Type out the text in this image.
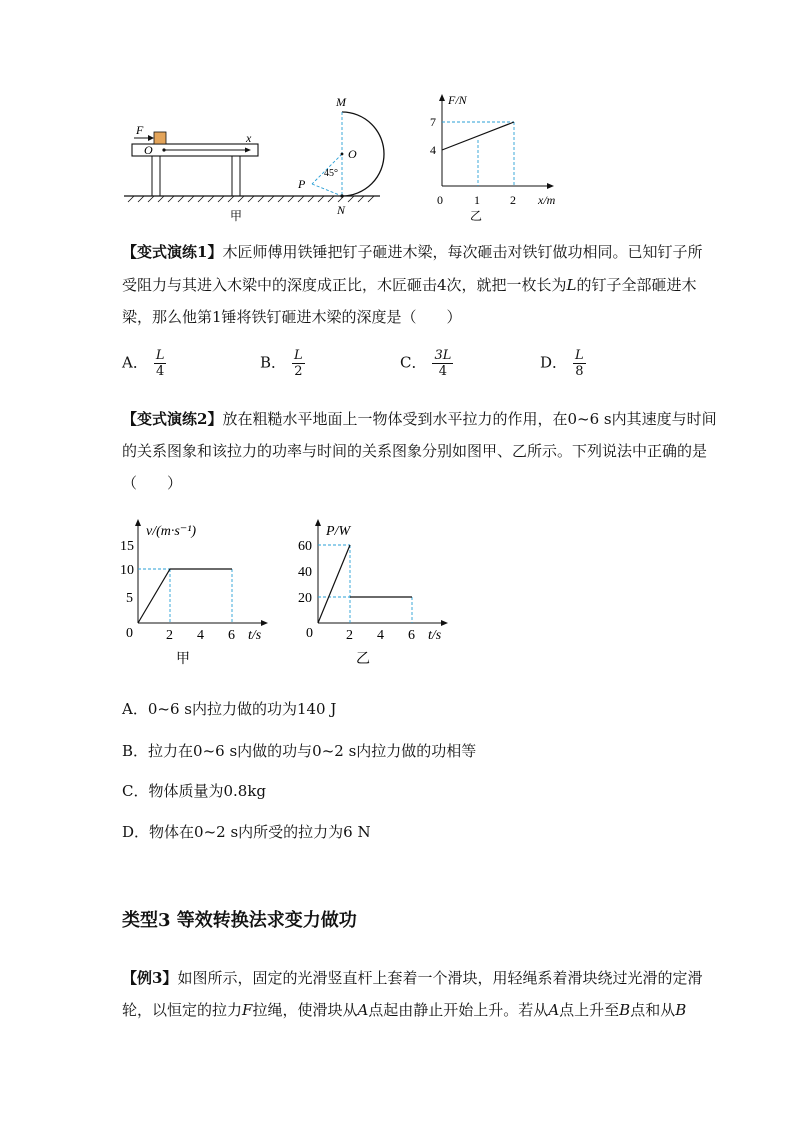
F
O
x
M
O
P
45°
N
甲
F/N
x/m
7
4
0	1	2
乙

【变式演练1】木匠师傅用铁锤把钉子砸进木梁，每次砸击对铁钉做功相同。已知钉子所

受阻力与其进入木梁中的深度成正比，木匠砸击4次，就把一枚长为L的钉子全部砸进木

梁，那么他第1锤将铁钉砸进木梁的深度是（　　）

A． $\frac{L}{4}$	B． $\frac{L}{2}$	C． $\frac{3L}{4}$	D． $\frac{L}{8}$

【变式演练2】放在粗糙水平地面上一物体受到水平拉力的作用，在0~6 s内其速度与时间

的关系图象和该拉力的功率与时间的关系图象分别如图甲、乙所示。下列说法中正确的是

（　　）

v/(m·s⁻¹)
15
10
5
0 2 4 6 t/s
甲
P/W
60
40
20
0 2 4 6 t/s
乙
A．0~6 s内拉力做的功为140 J
B．拉力在0~6 s内做的功与0~2 s内拉力做的功相等
C．物体质量为0.8kg
D．物体在0~2 s内所受的拉力为6 N
类型3 等效转换法求变力做功

【例3】如图所示，固定的光滑竖直杆上套着一个滑块，用轻绳系着滑块绕过光滑的定滑

轮，以恒定的拉力F拉绳，使滑块从A点起由静止开始上升。若从A点上升至B点和从B
